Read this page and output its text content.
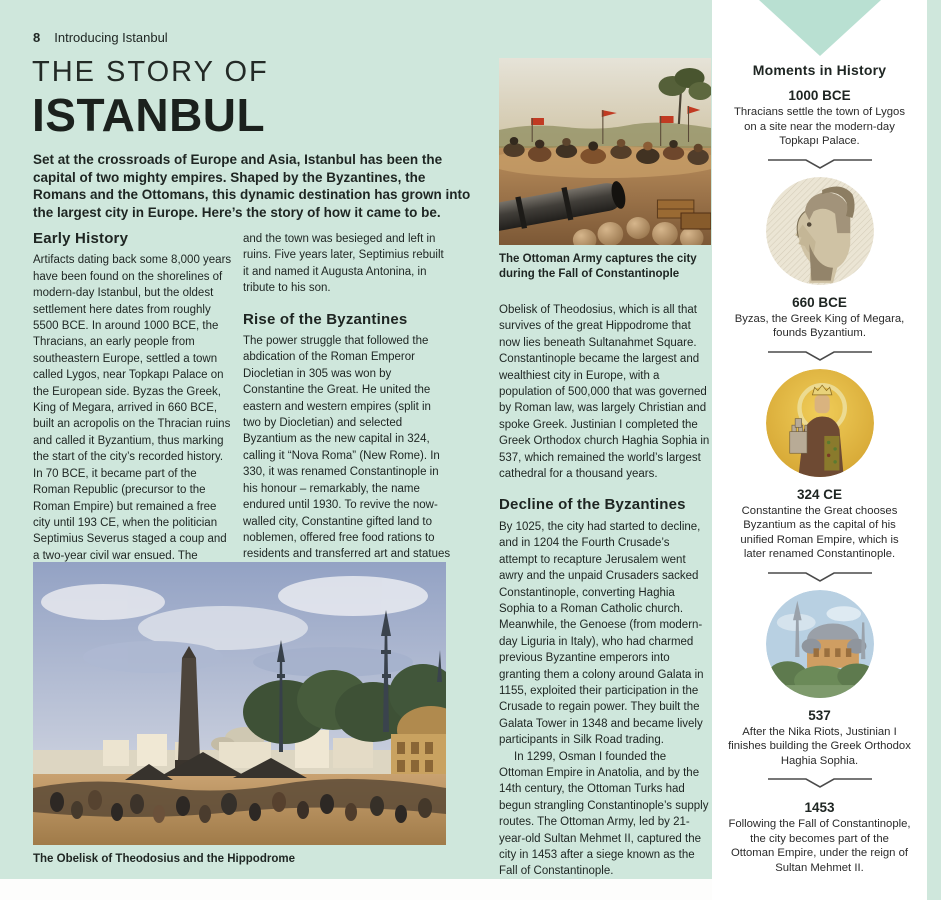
8 Introducing Istanbul
THE STORY OF
ISTANBUL

Set at the crossroads of Europe and Asia, Istanbul has been the capital of two mighty empires. Shaped by the Byzantines, the Romans and the Ottomans, this dynamic destination has grown into the largest city in Europe. Here’s the story of how it came to be.

Early History

Artifacts dating back some 8,000 years have been found on the shorelines of modern-day Istanbul, but the oldest settlement here dates from roughly 5500 BCE. In around 1000 BCE, the Thracians, an early people from southeastern Europe, settled a town called Lygos, near Topkapı Palace on the European side. Byzas the Greek, King of Megara, arrived in 660 BCE, built an acropolis on the Thracian ruins and called it Byzantium, thus marking the start of the city’s recorded history. In 70 BCE, it became part of the Roman Republic (precursor to the Roman Empire) but remained a free city until 193 CE, when the politician Septimius Severus staged a coup and a two-year civil war ensued. The

and the town was besieged and left in ruins. Five years later, Septimius rebuilt it and named it Augusta Antonina, in tribute to his son.

Rise of the Byzantines

The power struggle that followed the abdication of the Roman Emperor Diocletian in 305 was won by Constantine the Great. He united the eastern and western empires (split in two by Diocletian) and selected Byzantium as the new capital in 324, calling it “Nova Roma” (New Rome). In 330, it was renamed Constantinople in his honour – remarkably, the name endured until 1930. To revive the now-walled city, Constantine gifted land to noblemen, offered free food rations to residents and transferred art and statues

The Ottoman Army captures the city during the Fall of Constantinople

Obelisk of Theodosius, which is all that survives of the great Hippodrome that now lies beneath Sultanahmet Square. Constantinople became the largest and wealthiest city in Europe, with a population of 500,000 that was governed by Roman law, was largely Christian and spoke Greek. Justinian I completed the Greek Orthodox church Haghia Sophia in 537, which remained the world’s largest cathedral for a thousand years.

Decline of the Byzantines

By 1025, the city had started to decline, and in 1204 the Fourth Crusade’s attempt to recapture Jerusalem went awry and the unpaid Crusaders sacked Constantinople, converting Haghia Sophia to a Roman Catholic church. Meanwhile, the Genoese (from modern-day Liguria in Italy), who had charmed previous Byzantine emperors into granting them a colony around Galata in 1155, exploited their participation in the Crusade to regain power. They built the Galata Tower in 1348 and became lively participants in Silk Road trading.

In 1299, Osman I founded the Ottoman Empire in Anatolia, and by the 14th century, the Ottoman Turks had begun strangling Constantinople’s supply routes. The Ottoman Army, led by 21-year-old Sultan Mehmet II, captured the city in 1453 after a siege known as the Fall of Constantinople.

The Obelisk of Theodosius and the Hippodrome
Moments in History
1000 BCE
Thracians settle the town of Lygos on a site near the modern-day Topkapı Palace.
660 BCE
Byzas, the Greek King of Megara, founds Byzantium.
324 CE
Constantine the Great chooses Byzantium as the capital of his unified Roman Empire, which is later renamed Constantinople.
537
After the Nika Riots, Justinian I finishes building the Greek Orthodox Haghia Sophia.
1453
Following the Fall of Constantinople, the city becomes part of the Ottoman Empire, under the reign of Sultan Mehmet II.
